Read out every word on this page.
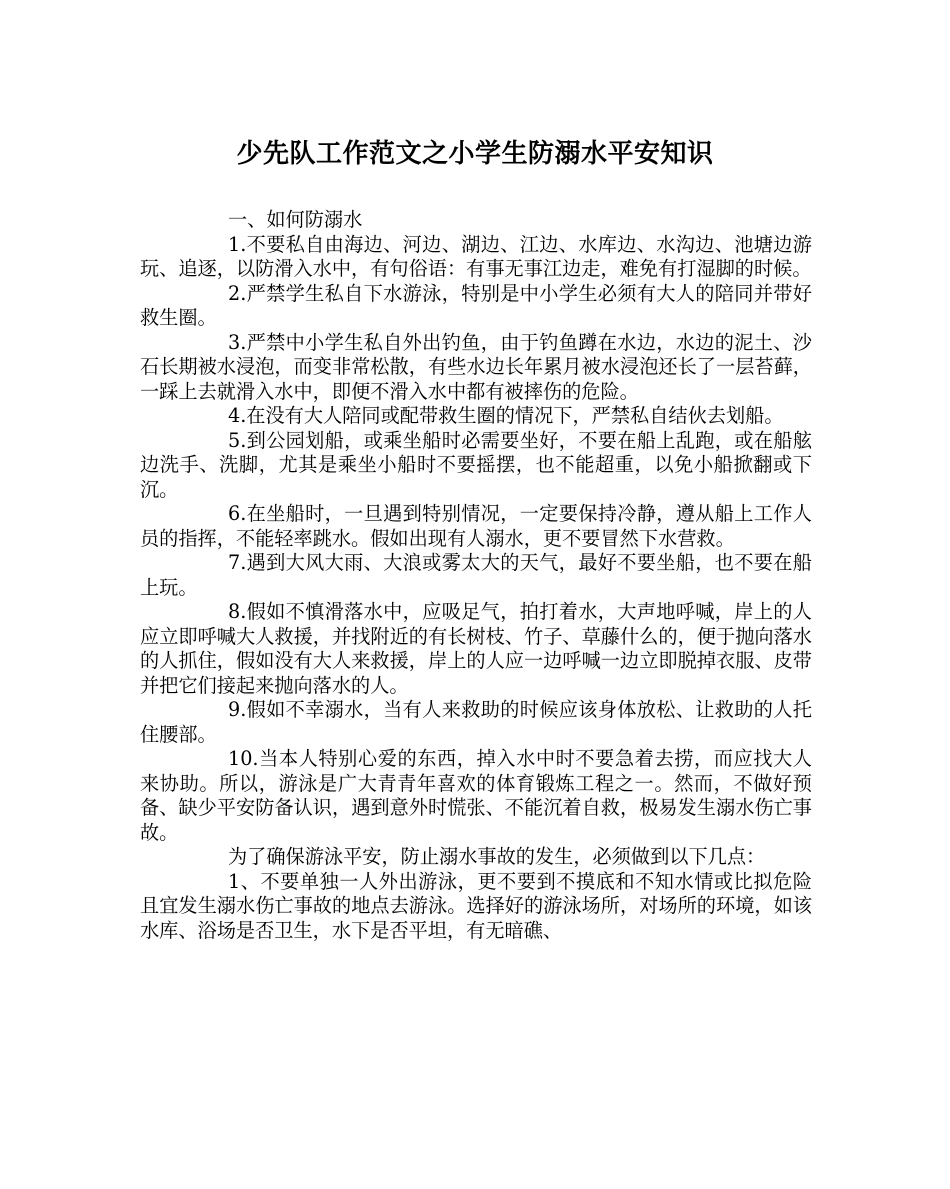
少先队工作范文之小学生防溺水平安知识

一、如何防溺水

1.不要私自由海边、河边、湖边、江边、水库边、水沟边、池塘边游玩、追逐，以防滑入水中，有句俗语：有事无事江边走，难免有打湿脚的时候。

2.严禁学生私自下水游泳，特别是中小学生必须有大人的陪同并带好救生圈。

3.严禁中小学生私自外出钓鱼，由于钓鱼蹲在水边，水边的泥土、沙石长期被水浸泡，而变非常松散，有些水边长年累月被水浸泡还长了一层苔藓，一踩上去就滑入水中，即便不滑入水中都有被摔伤的危险。

4.在没有大人陪同或配带救生圈的情况下，严禁私自结伙去划船。

5.到公园划船，或乘坐船时必需要坐好，不要在船上乱跑，或在船舷边洗手、洗脚，尤其是乘坐小船时不要摇摆，也不能超重，以免小船掀翻或下沉。

6.在坐船时，一旦遇到特别情况，一定要保持冷静，遵从船上工作人员的指挥，不能轻率跳水。假如出现有人溺水，更不要冒然下水营救。

7.遇到大风大雨、大浪或雾太大的天气，最好不要坐船，也不要在船上玩。

8.假如不慎滑落水中，应吸足气，拍打着水，大声地呼喊，岸上的人应立即呼喊大人救援，并找附近的有长树枝、竹子、草藤什么的，便于抛向落水的人抓住，假如没有大人来救援，岸上的人应一边呼喊一边立即脱掉衣服、皮带并把它们接起来抛向落水的人。

9.假如不幸溺水，当有人来救助的时候应该身体放松、让救助的人托住腰部。

10.当本人特别心爱的东西，掉入水中时不要急着去捞，而应找大人来协助。所以，游泳是广大青青年喜欢的体育锻炼工程之一。然而，不做好预备、缺少平安防备认识，遇到意外时慌张、不能沉着自救，极易发生溺水伤亡事故。

为了确保游泳平安，防止溺水事故的发生，必须做到以下几点：

1、不要单独一人外出游泳，更不要到不摸底和不知水情或比拟危险且宜发生溺水伤亡事故的地点去游泳。选择好的游泳场所，对场所的环境，如该水库、浴场是否卫生，水下是否平坦，有无暗礁、
